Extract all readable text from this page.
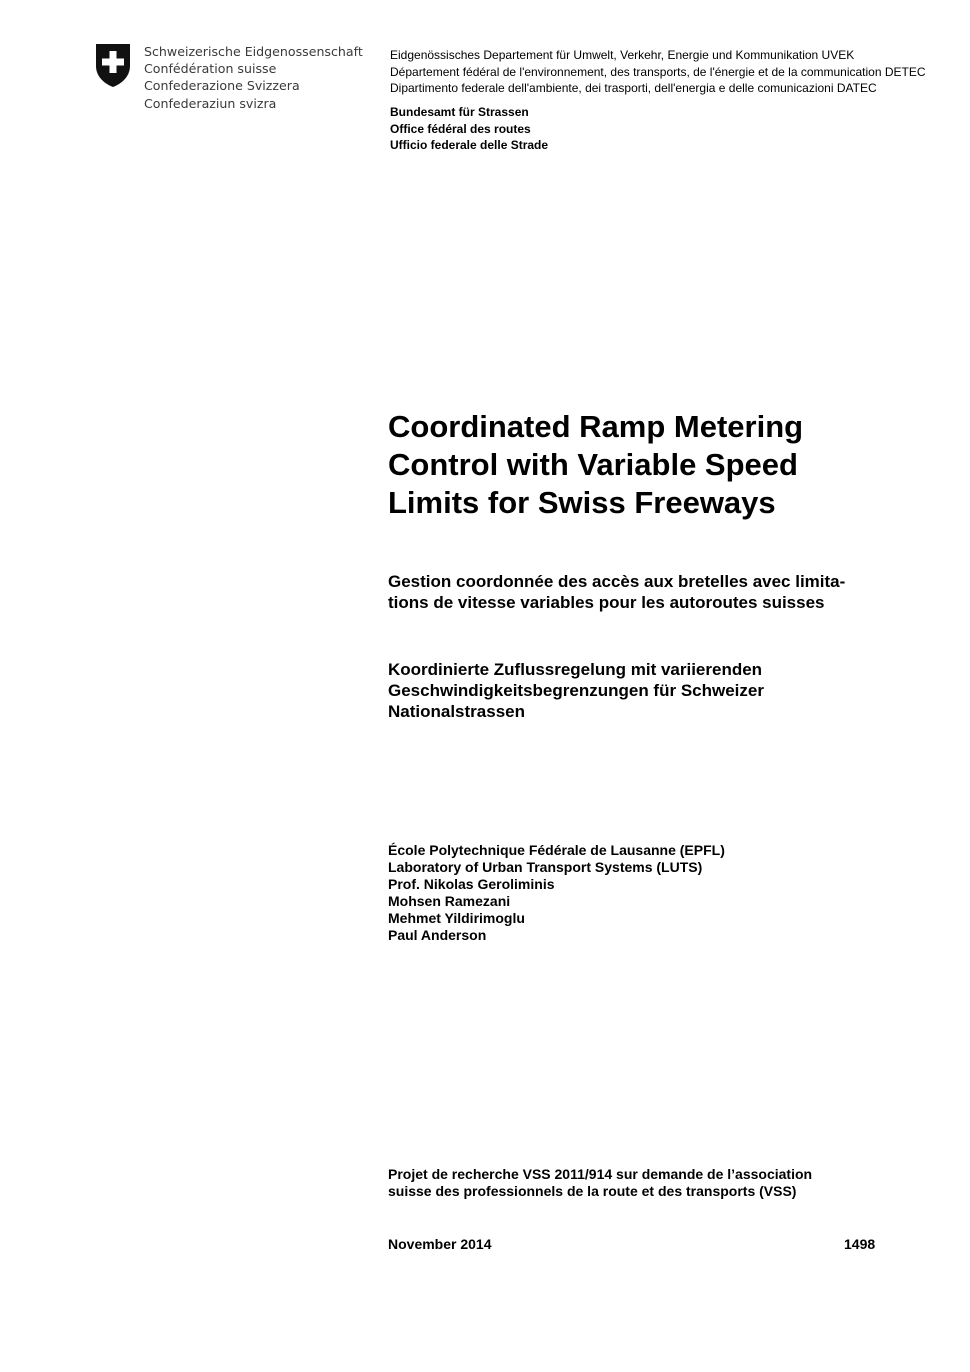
Schweizerische Eidgenossenschaft
Confédération suisse
Confederazione Svizzera
Confederaziun svizra
Eidgenössisches Departement für Umwelt, Verkehr, Energie und Kommunikation UVEK
Département fédéral de l'environnement, des transports, de l'énergie et de la communication DETEC
Dipartimento federale dell'ambiente, dei trasporti, dell'energia e delle comunicazioni DATEC
Bundesamt für Strassen
Office fédéral des routes
Ufficio federale delle Strade
Coordinated Ramp Metering
Control with Variable Speed
Limits for Swiss Freeways
Gestion coordonnée des accès aux bretelles avec limita-
tions de vitesse variables pour les autoroutes suisses
Koordinierte Zuflussregelung mit variierenden
Geschwindigkeitsbegrenzungen für Schweizer
Nationalstrassen
École Polytechnique Fédérale de Lausanne (EPFL)
Laboratory of Urban Transport Systems (LUTS)
Prof. Nikolas Geroliminis
Mohsen Ramezani
Mehmet Yildirimoglu
Paul Anderson
Projet de recherche VSS 2011/914 sur demande de l’association
suisse des professionnels de la route et des transports (VSS)
November 2014	1498
